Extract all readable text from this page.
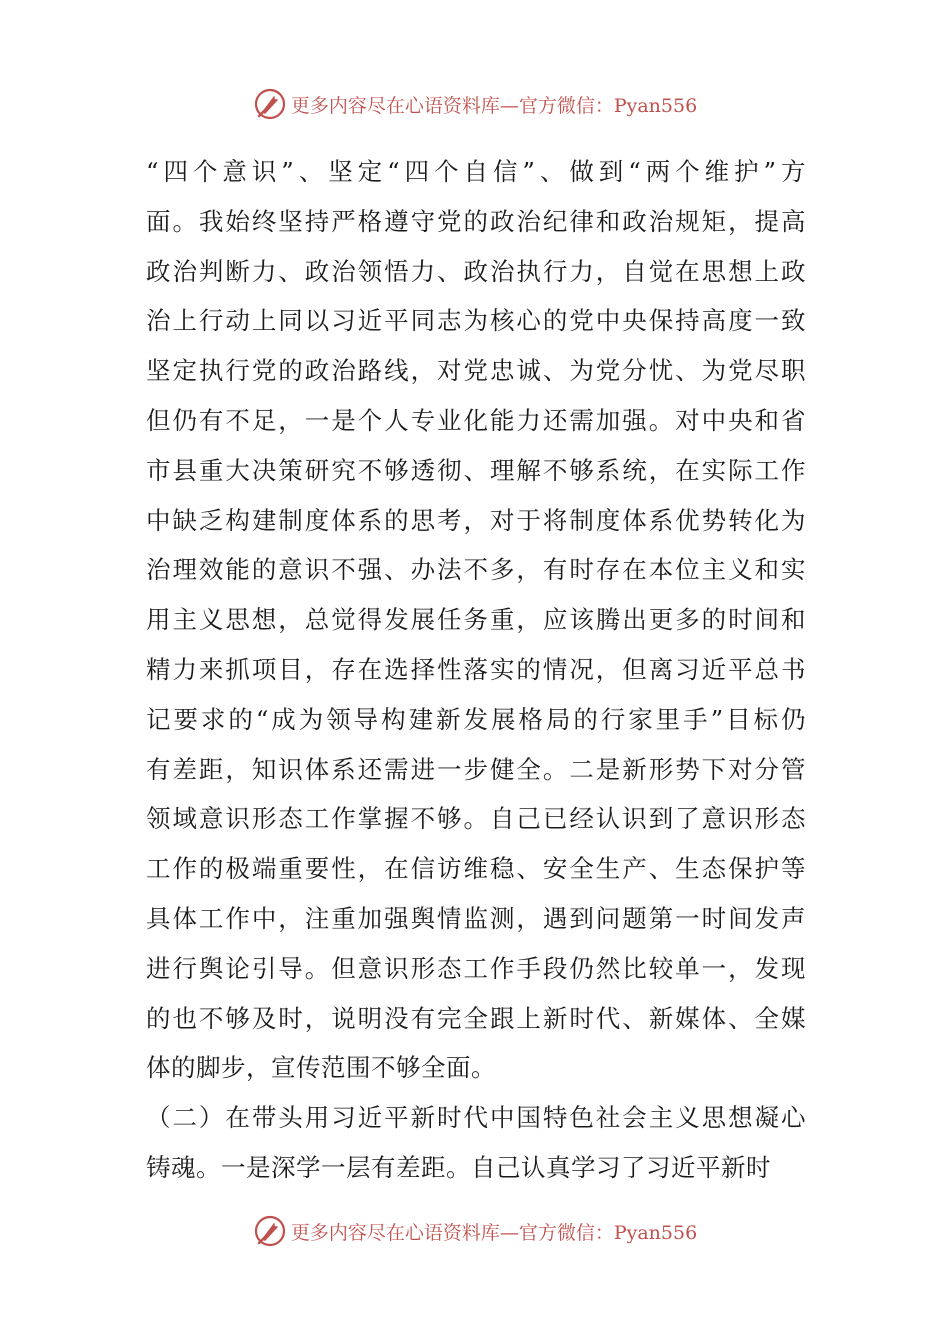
更多内容尽在心语资料库—官方微信：Pyan556
“四个意识”、坚定“四个自信”、做到“两个维护”方
面。我始终坚持严格遵守党的政治纪律和政治规矩，提高
政治判断力、政治领悟力、政治执行力，自觉在思想上政
治上行动上同以习近平同志为核心的党中央保持高度一致
坚定执行党的政治路线，对党忠诚、为党分忧、为党尽职
但仍有不足，一是个人专业化能力还需加强。对中央和省
市县重大决策研究不够透彻、理解不够系统，在实际工作
中缺乏构建制度体系的思考，对于将制度体系优势转化为
治理效能的意识不强、办法不多，有时存在本位主义和实
用主义思想，总觉得发展任务重，应该腾出更多的时间和
精力来抓项目，存在选择性落实的情况，但离习近平总书
记要求的“成为领导构建新发展格局的行家里手”目标仍
有差距，知识体系还需进一步健全。二是新形势下对分管
领域意识形态工作掌握不够。自己已经认识到了意识形态
工作的极端重要性，在信访维稳、安全生产、生态保护等
具体工作中，注重加强舆情监测，遇到问题第一时间发声
进行舆论引导。但意识形态工作手段仍然比较单一，发现
的也不够及时，说明没有完全跟上新时代、新媒体、全媒
体的脚步，宣传范围不够全面。
（二）在带头用习近平新时代中国特色社会主义思想凝心
铸魂。一是深学一层有差距。自己认真学习了习近平新时
更多内容尽在心语资料库—官方微信：Pyan556
